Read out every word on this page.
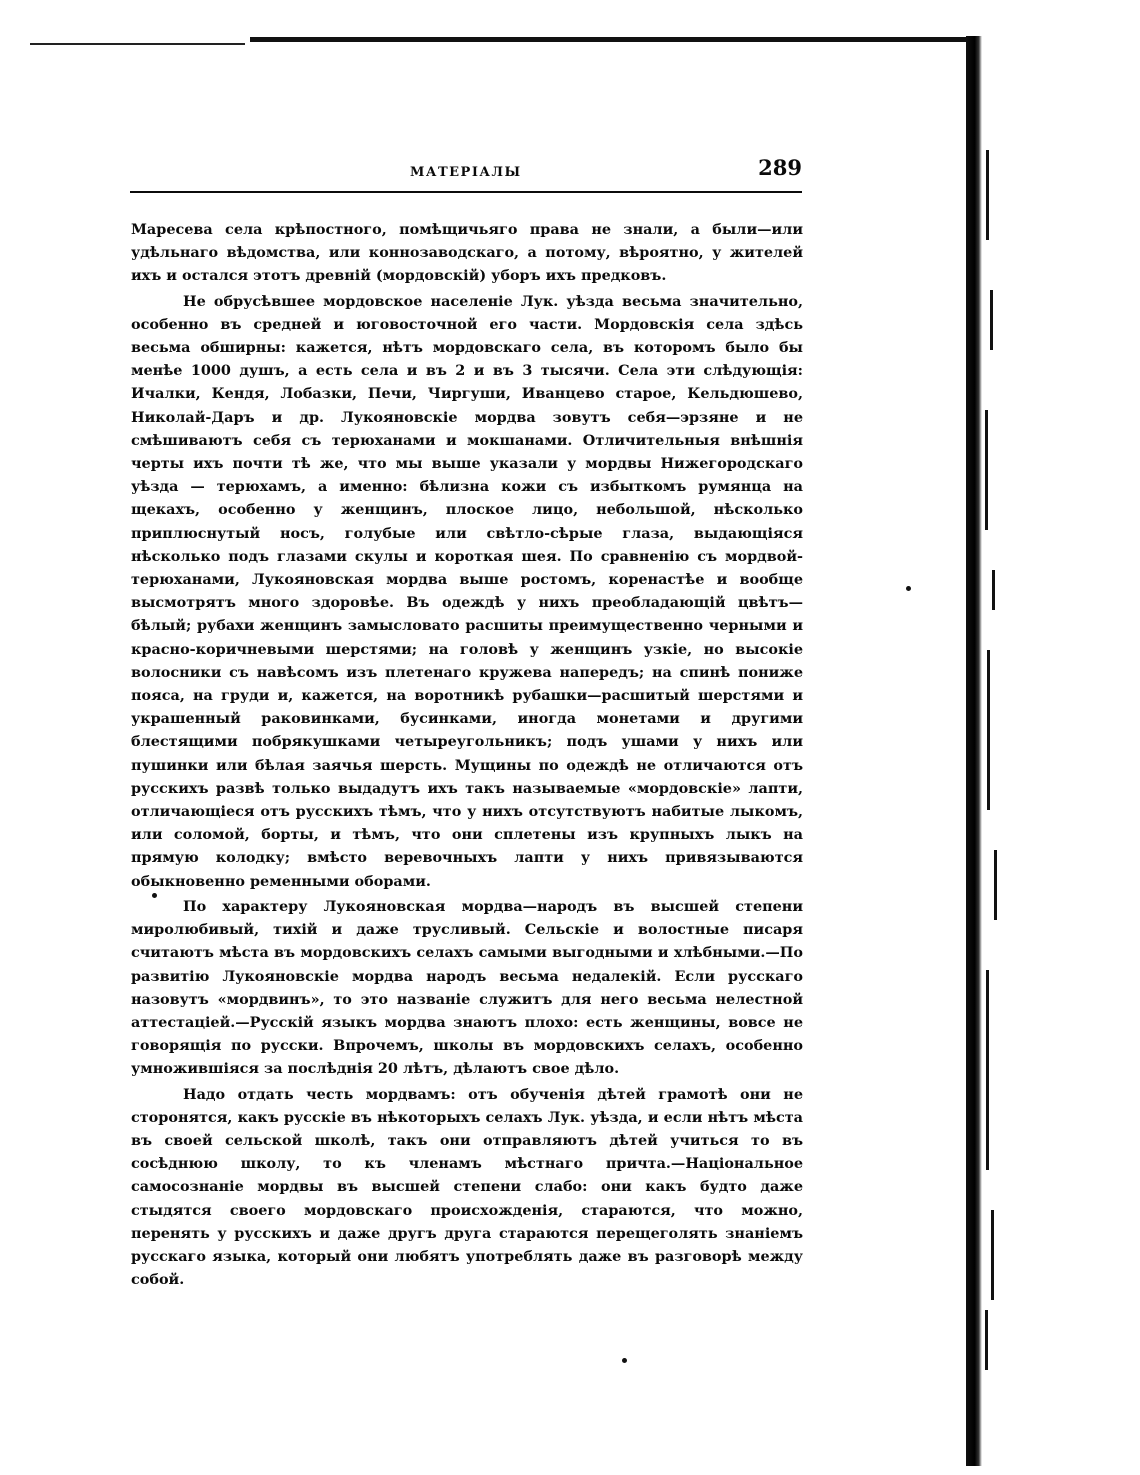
МАТЕРІАЛЫ	289

Маресева села крѣпостного, помѣщичьяго права не знали, а были—или удѣльнаго вѣдомства, или коннозаводскаго, а потому, вѣроятно, у жителей ихъ и остался этотъ древній (мордовскій) уборъ ихъ предковъ.

Не обрусѣвшее мордовское населеніе Лук. уѣзда весьма значительно, особенно въ средней и юговосточной его части. Мордовскія села здѣсь весьма обширны: кажется, нѣтъ мордовскаго села, въ которомъ было бы менѣе 1000 душъ, а есть села и въ 2 и въ 3 тысячи. Села эти слѣдующія: Ичалки, Кендя, Лобазки, Печи, Чиргуши, Иванцево старое, Кельдюшево, Николай-Даръ и др. Лукояновскіе мордва зовутъ себя—эрзяне и не смѣшиваютъ себя съ терюханами и мокшанами. Отличительныя внѣшнія черты ихъ почти тѣ же, что мы выше указали у мордвы Нижегородскаго уѣзда — терюхамъ, а именно: бѣлизна кожи съ избыткомъ румянца на щекахъ, особенно у женщинъ, плоское лицо, небольшой, нѣсколько приплюснутый носъ, голубые или свѣтло-сѣрые глаза, выдающіяся нѣсколько подъ глазами скулы и короткая шея. По сравненію съ мордвой-терюханами, Лукояновская мордва выше ростомъ, коренастѣе и вообще высмотрятъ много здоровѣе. Въ одеждѣ у нихъ преобладающій цвѣтъ—бѣлый; рубахи женщинъ замысловато расшиты преимущественно черными и красно-коричневыми шерстями; на головѣ у женщинъ узкіе, но высокіе волосники съ навѣсомъ изъ плетенаго кружева напередъ; на спинѣ пониже пояса, на груди и, кажется, на воротникѣ рубашки—расшитый шерстями и украшенный раковинками, бусинками, иногда монетами и другими блестящими побрякушками четыреугольникъ; подъ ушами у нихъ или пушинки или бѣлая заячья шерсть. Мущины по одеждѣ не отличаются отъ русскихъ развѣ только выдадутъ ихъ такъ называемые «мордовскіе» лапти, отличающіеся отъ русскихъ тѣмъ, что у нихъ отсутствуютъ набитые лыкомъ, или соломой, борты, и тѣмъ, что они сплетены изъ крупныхъ лыкъ на прямую колодку; вмѣсто веревочныхъ лапти у нихъ привязываются обыкновенно ременными оборами.

По характеру Лукояновская мордва—народъ въ высшей степени миролюбивый, тихій и даже трусливый. Сельскіе и волостные писаря считаютъ мѣста въ мордовскихъ селахъ самыми выгодными и хлѣбными.—По развитію Лукояновскіе мордва народъ весьма недалекій. Если русскаго назовутъ «мордвинъ», то это названіе служитъ для него весьма нелестной аттестаціей.—Русскій языкъ мордва знаютъ плохо: есть женщины, вовсе не говорящія по русски. Впрочемъ, школы въ мордовскихъ селахъ, особенно умножившіяся за послѣднія 20 лѣтъ, дѣлаютъ свое дѣло.

Надо отдать честь мордвамъ: отъ обученія дѣтей грамотѣ они не сторонятся, какъ русскіе въ нѣкоторыхъ селахъ Лук. уѣзда, и если нѣтъ мѣста въ своей сельской школѣ, такъ они отправляютъ дѣтей учиться то въ сосѣднюю школу, то къ членамъ мѣстнаго причта.—Національное самосознаніе мордвы въ высшей степени слабо: они какъ будто даже стыдятся своего мордовскаго происхожденія, стараются, что можно, перенять у русскихъ и даже другъ друга стараются перещеголять знаніемъ русскаго языка, который они любятъ употреблять даже въ разговорѣ между собой.
